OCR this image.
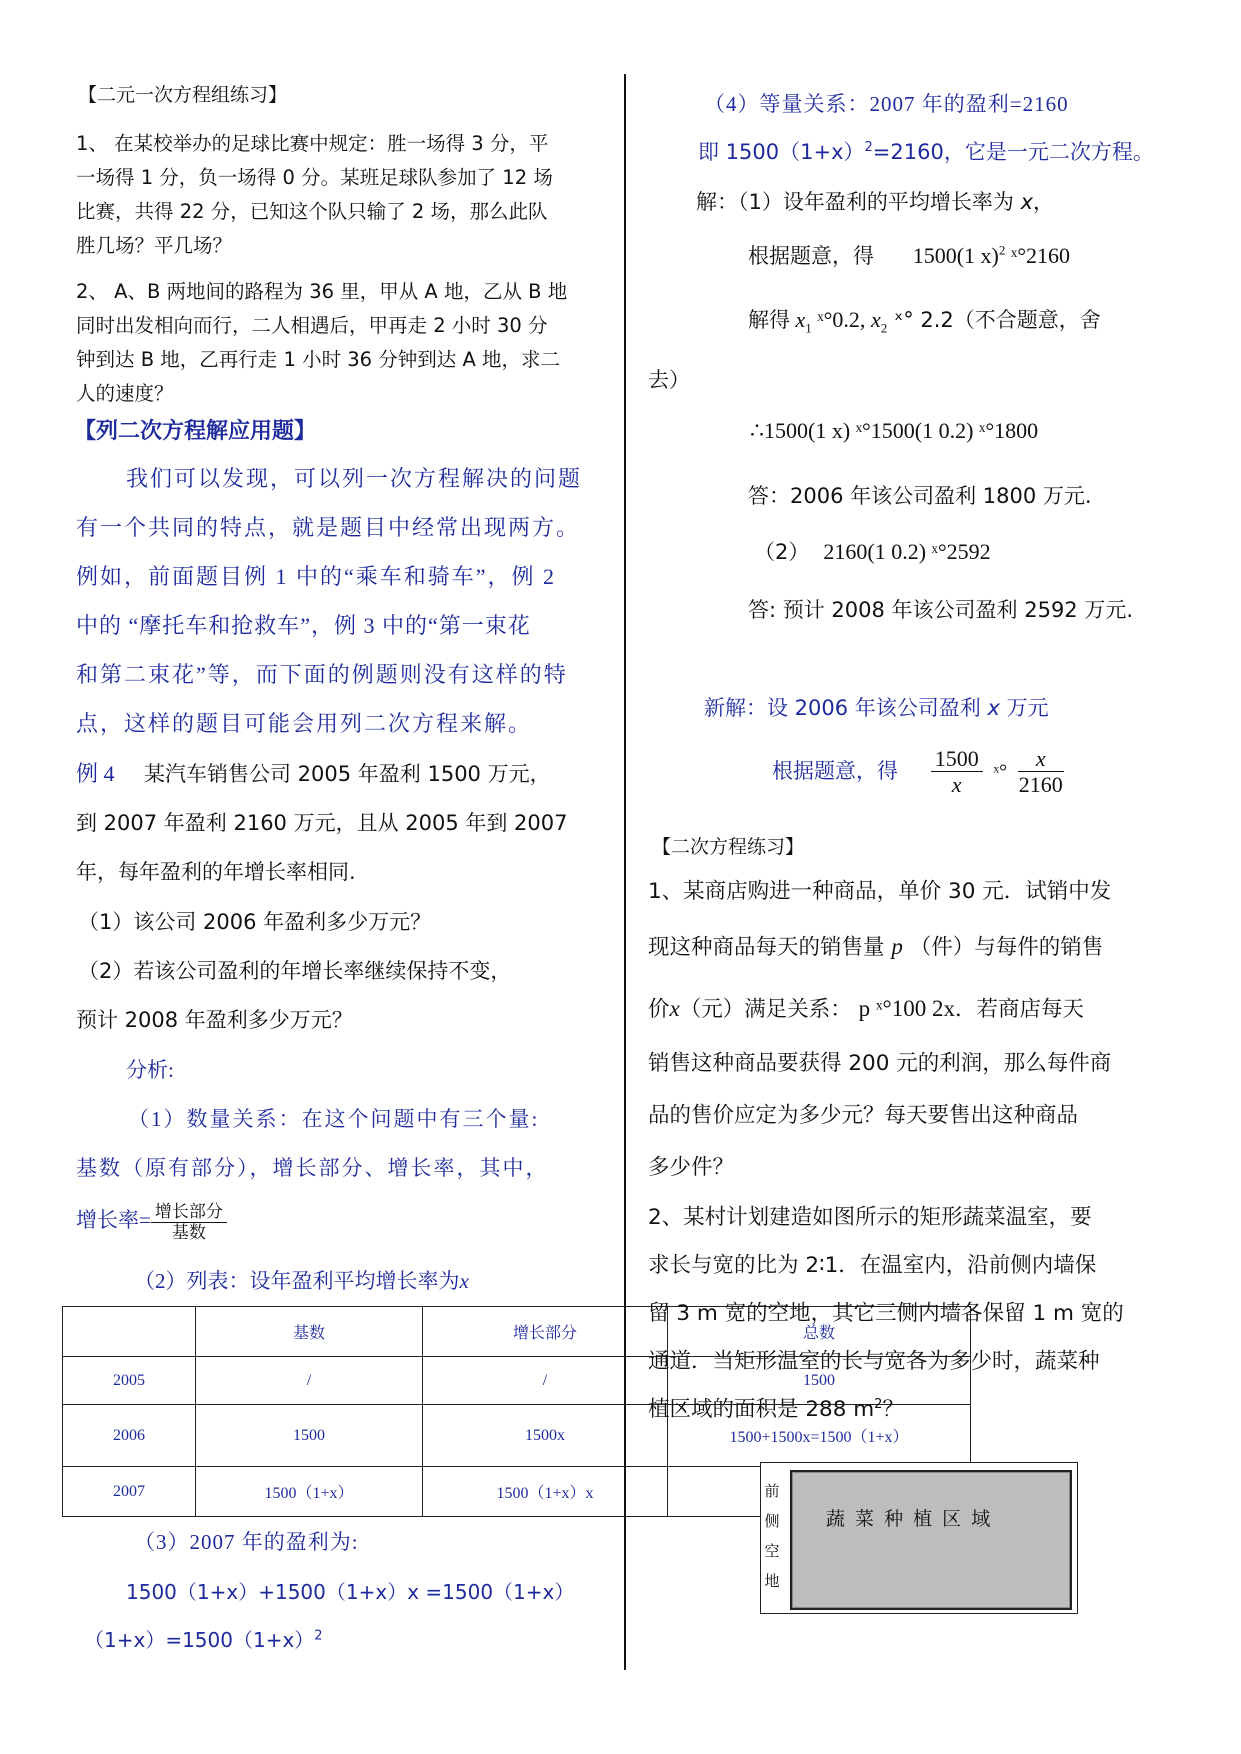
【二元一次方程组练习】
1、 在某校举办的足球比赛中规定：胜一场得 3 分，平
一场得 1 分，负一场得 0 分。某班足球队参加了 12 场
比赛，共得 22 分，已知这个队只输了 2 场，那么此队
胜几场？平几场？
2、 A、B 两地间的路程为 36 里，甲从 A 地，乙从 B 地
同时出发相向而行，二人相遇后，甲再走 2 小时 30 分
钟到达 B 地，乙再行走 1 小时 36 分钟到达 A 地，求二
人的速度？
【列二次方程解应用题】
我们可以发现，可以列一次方程解决的问题
有一个共同的特点，就是题目中经常出现两方。
例如，前面题目例 1 中的“乘车和骑车”，例 2
中的 “摩托车和抢救车”，例 3 中的“第一束花
和第二束花”等，而下面的例题则没有这样的特
点，这样的题目可能会用列二次方程来解。
例 4 某汽车销售公司 2005 年盈利 1500 万元，
到 2007 年盈利 2160 万元，且从 2005 年到 2007
年，每年盈利的年增长率相同.
（1）该公司 2006 年盈利多少万元？
（2）若该公司盈利的年增长率继续保持不变，
预计 2008 年盈利多少万元？
分析:
（1）数量关系：在这个问题中有三个量:
基数（原有部分），增长部分、增长率，其中，
增长率= $\frac{\text{增长部分}}{\text{基数}}$
（2）列表：设年盈利平均增长率为x
	基数	增长部分	总数
2005	/	/	1500
2006	1500	1500x	1500+1500x=1500（1+x）
2007	1500（1+x）	1500（1+x）x	
（3）2007 年的盈利为:
1500（1+x）+1500（1+x）x =1500（1+x）
$(1+x)=1500(1+x)^2$
（4）等量关系：2007 年的盈利=2160
即 $1500(1+x)^2=2160$，它是一元二次方程。
解：（1）设年盈利的平均增长率为 x，
根据题意，得 1500(1 x)$^2$ ˣ°2160
解得 $x_1$ ˣ°0.2, $x_2$ ˣ° 2.2（不合题意，舍
去）
∴1500(1 x) ˣ°1500(1 0.2) ˣ°1800
答：2006 年该公司盈利 1800 万元.
（2） 2160(1 0.2) ˣ°2592
答: 预计 2008 年该公司盈利 2592 万元.
新解：设 2006 年该公司盈利 x 万元
根据题意，得 $\frac{1500}{x}$ ˣ° $\frac{x}{2160}$
【二次方程练习】
1、某商店购进一种商品，单价 30 元．试销中发
现这种商品每天的销售量 p （件）与每件的销售
价x（元）满足关系： p ˣ°100 2x．若商店每天
销售这种商品要获得 200 元的利润，那么每件商
品的售价应定为多少元？每天要售出这种商品
多少件？
2、某村计划建造如图所示的矩形蔬菜温室，要
求长与宽的比为 2∶1．在温室内，沿前侧内墙保
留 3 m 宽的空地，其它三侧内墙各保留 1 m 宽的
通道．当矩形温室的长与宽各为多少时，蔬菜种
植区域的面积是 288 $m^2$？
前侧空地
蔬 菜 种 植 区 域
